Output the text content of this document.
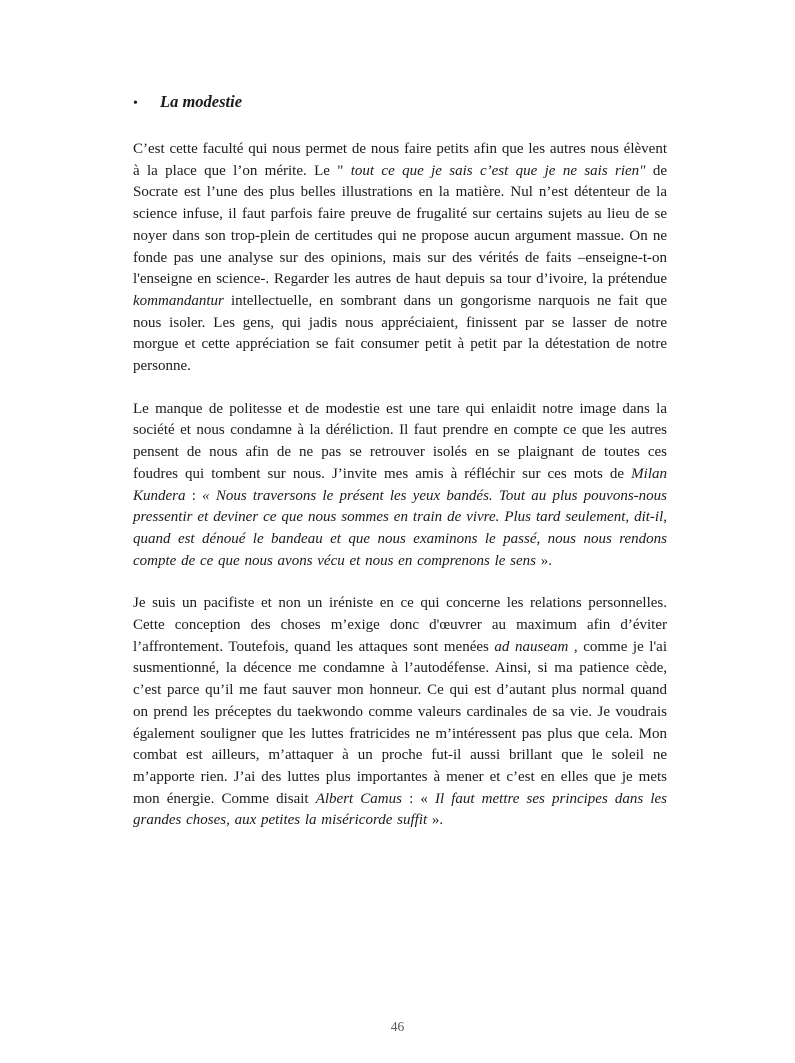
•	La modestie

C’est cette faculté qui nous permet de nous faire petits afin que les autres nous élèvent à la place que l’on mérite. Le " tout ce que je sais c’est que je ne sais rien" de Socrate est l’une des plus belles illustrations en la matière. Nul n’est détenteur de la science infuse, il faut parfois faire preuve de frugalité sur certains sujets au lieu de se noyer dans son trop-plein de certitudes qui ne propose aucun argument massue. On ne fonde pas une analyse sur des opinions, mais sur des vérités de faits –enseigne-t-on l'enseigne en science-. Regarder les autres de haut depuis sa tour d’ivoire, la prétendue kommandantur intellectuelle, en sombrant dans un gongorisme narquois ne fait que nous isoler. Les gens, qui jadis nous appréciaient, finissent par se lasser de notre morgue et cette appréciation se fait consumer petit à petit par la détestation de notre personne.

Le manque de politesse et de modestie est une tare qui enlaidit notre image dans la société et nous condamne à la déréliction. Il faut prendre en compte ce que les autres pensent de nous afin de ne pas se retrouver isolés en se plaignant de toutes ces foudres qui tombent sur nous. J’invite mes amis à réfléchir sur ces mots de Milan Kundera : « Nous traversons le présent les yeux bandés. Tout au plus pouvons-nous pressentir et deviner ce que nous sommes en train de vivre. Plus tard seulement, dit-il, quand est dénoué le bandeau et que nous examinons le passé, nous nous rendons compte de ce que nous avons vécu et nous en comprenons le sens ».

Je suis un pacifiste et non un iréniste en ce qui concerne les relations personnelles. Cette conception des choses m’exige donc d'œuvrer au maximum afin d’éviter l’affrontement. Toutefois, quand les attaques sont menées ad nauseam , comme je l'ai susmentionné, la décence me condamne à l’autodéfense. Ainsi, si ma patience cède, c’est parce qu’il me faut sauver mon honneur. Ce qui est d’autant plus normal quand on prend les préceptes du taekwondo comme valeurs cardinales de sa vie. Je voudrais également souligner que les luttes fratricides ne m’intéressent pas plus que cela. Mon combat est ailleurs, m’attaquer à un proche fut-il aussi brillant que le soleil ne m’apporte rien. J’ai des luttes plus importantes à mener et c’est en elles que je mets mon énergie. Comme disait Albert Camus : « Il faut mettre ses principes dans les grandes choses, aux petites la miséricorde suffit ».

46
